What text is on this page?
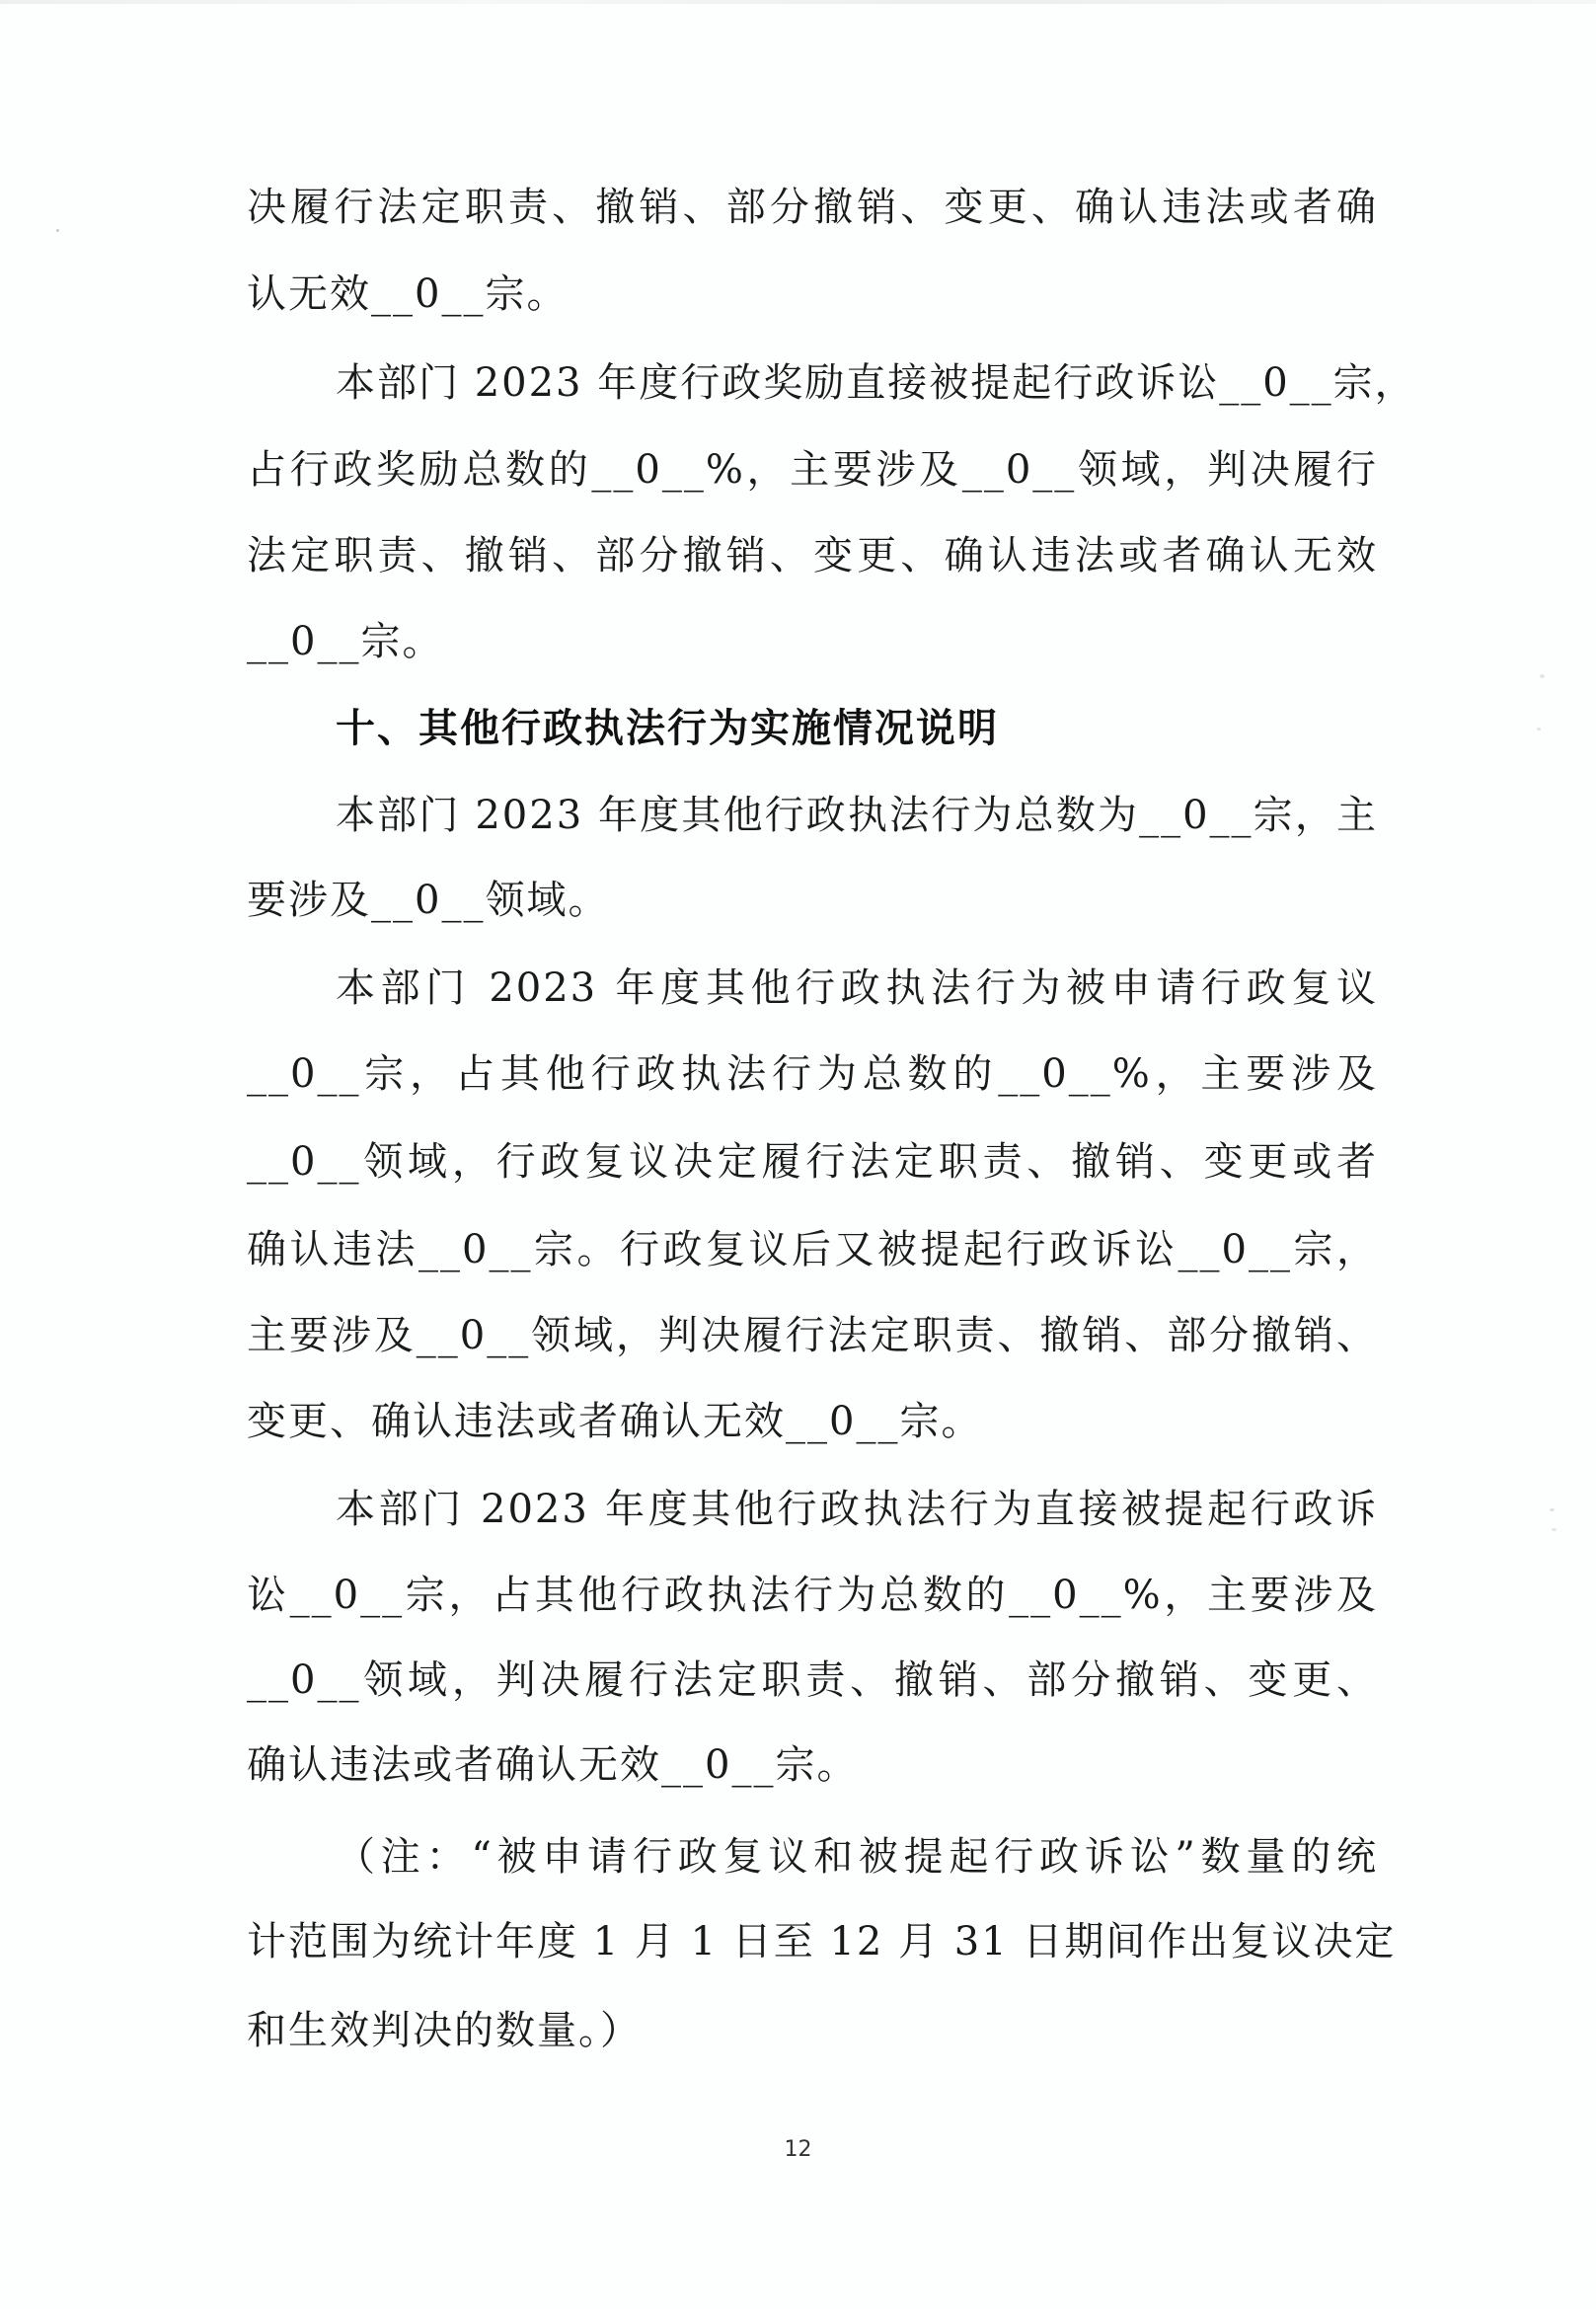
决履行法定职责、撤销、部分撤销、变更、确认违法或者确
认无效__0__宗。
本部门 2023 年度行政奖励直接被提起行政诉讼__0__宗，
占行政奖励总数的__0__%，主要涉及__0__领域，判决履行
法定职责、撤销、部分撤销、变更、确认违法或者确认无效
__0__宗。
十、其他行政执法行为实施情况说明
本部门 2023 年度其他行政执法行为总数为__0__宗，主
要涉及__0__领域。
本部门 2023 年度其他行政执法行为被申请行政复议
__0__宗，占其他行政执法行为总数的__0__%，主要涉及
__0__领域，行政复议决定履行法定职责、撤销、变更或者
确认违法__0__宗。行政复议后又被提起行政诉讼__0__宗，
主要涉及__0__领域，判决履行法定职责、撤销、部分撤销、
变更、确认违法或者确认无效__0__宗。
本部门 2023 年度其他行政执法行为直接被提起行政诉
讼__0__宗，占其他行政执法行为总数的__0__%，主要涉及
__0__领域，判决履行法定职责、撤销、部分撤销、变更、
确认违法或者确认无效__0__宗。
（注：“被申请行政复议和被提起行政诉讼”数量的统
计范围为统计年度 1 月 1 日至 12 月 31 日期间作出复议决定
和生效判决的数量。）
12
